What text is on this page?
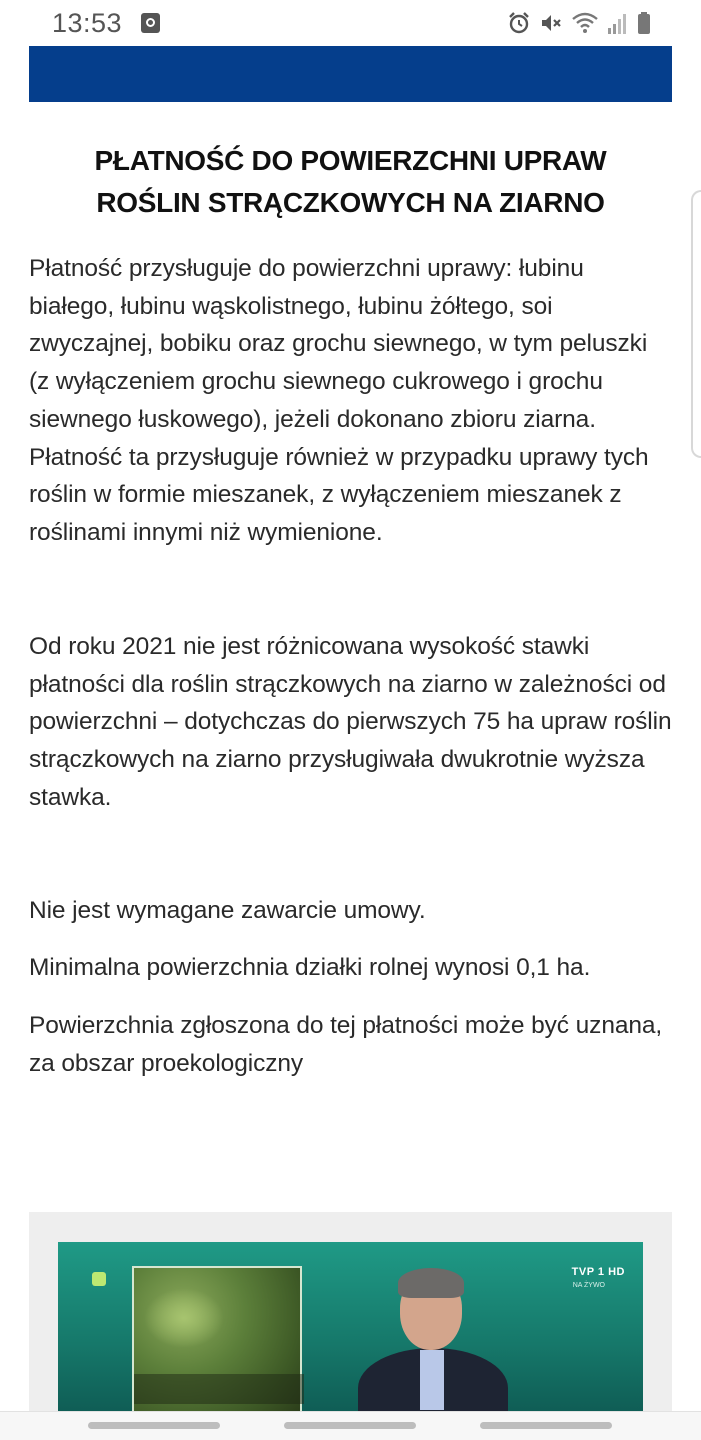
13:53
PŁATNOŚĆ DO POWIERZCHNI UPRAW ROŚLIN STRĄCZKOWYCH NA ZIARNO

Płatność przysługuje do powierzchni uprawy: łubinu białego, łubinu wąskolistnego, łubinu żółtego, soi zwyczajnej, bobiku oraz grochu siewnego, w tym peluszki (z wyłączeniem grochu siewnego cukrowego i grochu siewnego łuskowego), jeżeli dokonano zbioru ziarna. Płatność ta przysługuje również w przypadku uprawy tych roślin w formie mieszanek, z wyłączeniem mieszanek z roślinami innymi niż wymienione.

Od roku 2021 nie jest różnicowana wysokość stawki płatności dla roślin strączkowych na ziarno w zależności od powierzchni – dotychczas do pierwszych 75 ha upraw roślin strączkowych na ziarno przysługiwała dwukrotnie wyższa stawka.

Nie jest wymagane zawarcie umowy.

Minimalna powierzchnia działki rolnej wynosi 0,1 ha.

Powierzchnia zgłoszona do tej płatności może być uznana, za obszar proekologiczny

TVP 1 HD
NA ŻYWO
